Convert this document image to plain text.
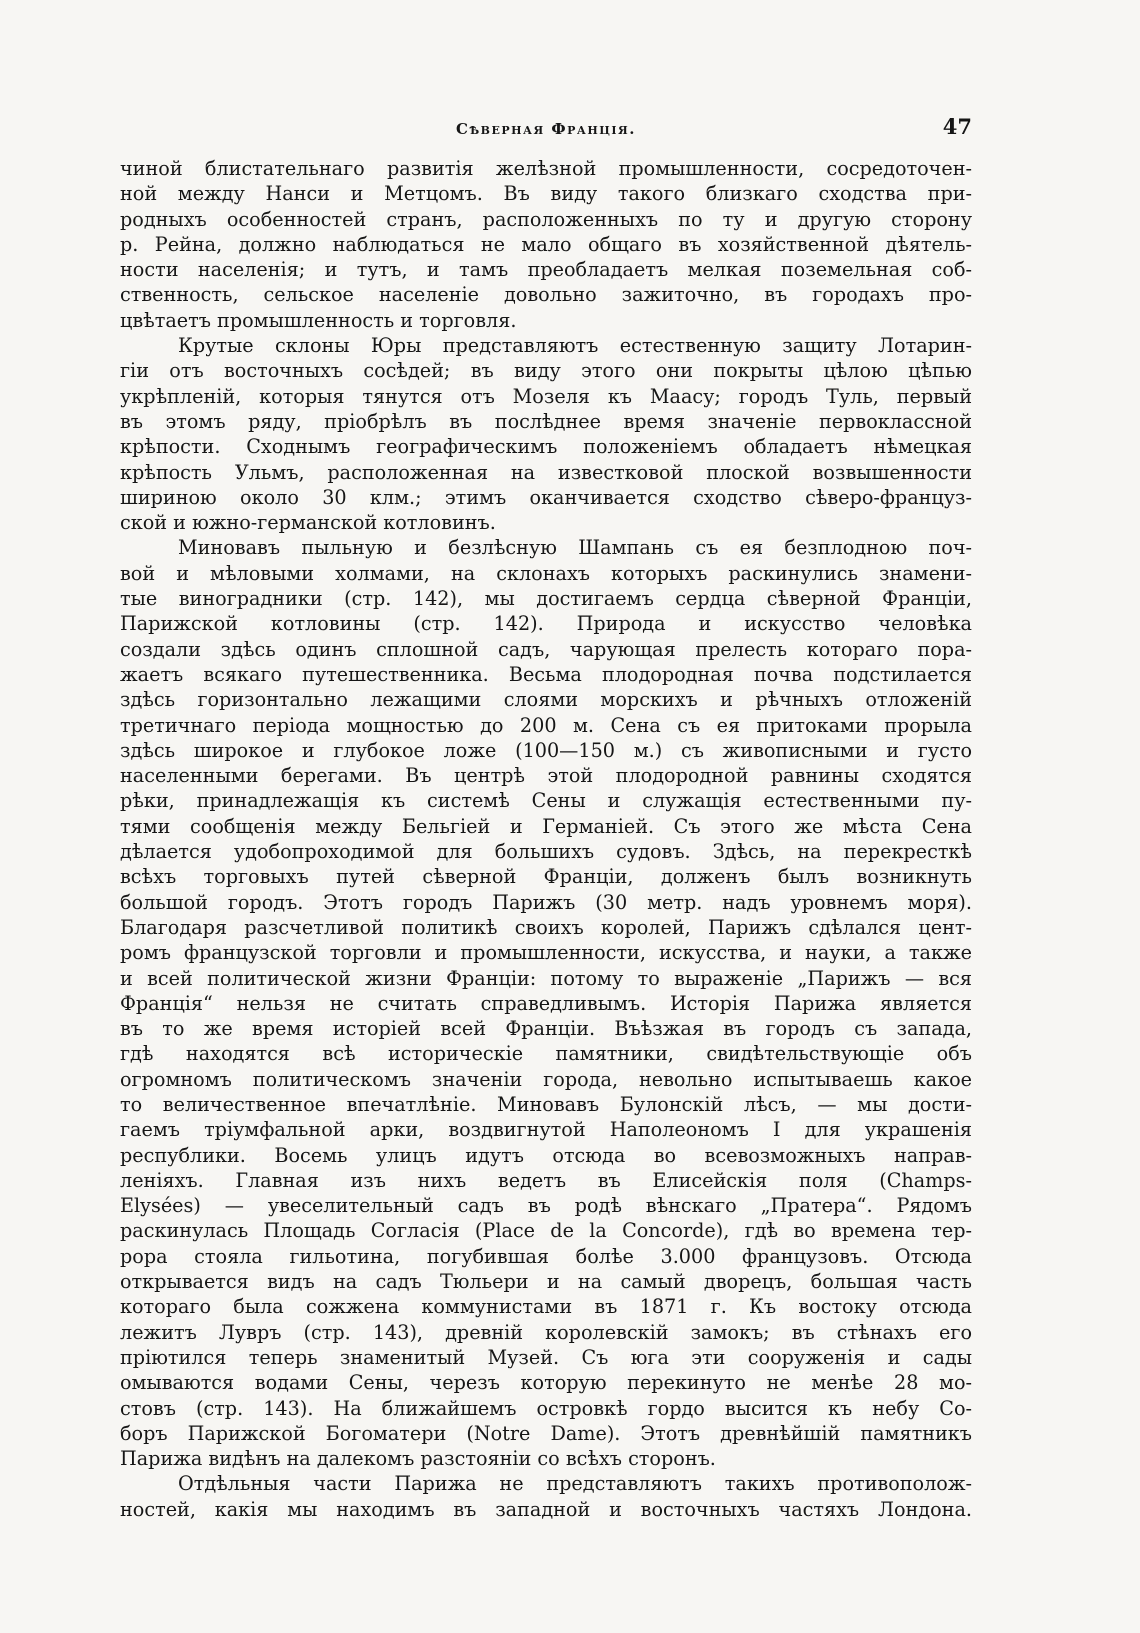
Сѣверная Франція.	47
чиной блистательнаго развитія желѣзной промышленности, сосредоточен-
ной между Нанси и Метцомъ. Въ виду такого близкаго сходства при-
родныхъ особенностей странъ, расположенныхъ по ту и другую сторону
р. Рейна, должно наблюдаться не мало общаго въ хозяйственной дѣятель-
ности населенія; и тутъ, и тамъ преобладаетъ мелкая поземельная соб-
ственность, сельское населеніе довольно зажиточно, въ городахъ про-
цвѣтаетъ промышленность и торговля.
Крутые склоны Юры представляютъ естественную защиту Лотарин-
гіи отъ восточныхъ сосѣдей; въ виду этого они покрыты цѣлою цѣпью
укрѣпленій, которыя тянутся отъ Мозеля къ Маасу; городъ Туль, первый
въ этомъ ряду, пріобрѣлъ въ послѣднее время значеніе первоклассной
крѣпости. Сходнымъ географическимъ положеніемъ обладаетъ нѣмецкая
крѣпость Ульмъ, расположенная на известковой плоской возвышенности
шириною около 30 клм.; этимъ оканчивается сходство сѣверо-француз-
ской и южно-германской котловинъ.
Миновавъ пыльную и безлѣсную Шампань съ ея безплодною поч-
вой и мѣловыми холмами, на склонахъ которыхъ раскинулись знамени-
тые виноградники (стр. 142), мы достигаемъ сердца сѣверной Франціи,
Парижской котловины (стр. 142). Природа и искусство человѣка
создали здѣсь одинъ сплошной садъ, чарующая прелесть котораго пора-
жаетъ всякаго путешественника. Весьма плодородная почва подстилается
здѣсь горизонтально лежащими слоями морскихъ и рѣчныхъ отложеній
третичнаго періода мощностью до 200 м. Сена съ ея притоками прорыла
здѣсь широкое и глубокое ложе (100—150 м.) съ живописными и густо
населенными берегами. Въ центрѣ этой плодородной равнины сходятся
рѣки, принадлежащія къ системѣ Сены и служащія естественными пу-
тями сообщенія между Бельгіей и Германіей. Съ этого же мѣста Сена
дѣлается удобопроходимой для большихъ судовъ. Здѣсь, на перекресткѣ
всѣхъ торговыхъ путей сѣверной Франціи, долженъ былъ возникнуть
большой городъ. Этотъ городъ Парижъ (30 метр. надъ уровнемъ моря).
Благодаря разсчетливой политикѣ своихъ королей, Парижъ сдѣлался цент-
ромъ французской торговли и промышленности, искусства, и науки, а также
и всей политической жизни Франціи: потому то выраженіе „Парижъ — вся
Франція“ нельзя не считать справедливымъ. Исторія Парижа является
въ то же время исторіей всей Франціи. Въѣзжая въ городъ съ запада,
гдѣ находятся всѣ историческіе памятники, свидѣтельствующіе объ
огромномъ политическомъ значеніи города, невольно испытываешь какое
то величественное впечатлѣніе. Миновавъ Булонскій лѣсъ, — мы дости-
гаемъ тріумфальной арки, воздвигнутой Наполеономъ I для украшенія
республики. Восемь улицъ идутъ отсюда во всевозможныхъ направ-
леніяхъ. Главная изъ нихъ ведетъ въ Елисейскія поля (Champs-
Elysées) — увеселительный садъ въ родѣ вѣнскаго „Пратера“. Рядомъ
раскинулась Площадь Согласія (Place de la Concorde), гдѣ во времена тер-
рора стояла гильотина, погубившая болѣе 3.000 французовъ. Отсюда
открывается видъ на садъ Тюльери и на самый дворецъ, большая часть
котораго была сожжена коммунистами въ 1871 г. Къ востоку отсюда
лежитъ Лувръ (стр. 143), древній королевскій замокъ; въ стѣнахъ его
пріютился теперь знаменитый Музей. Съ юга эти сооруженія и сады
омываются водами Сены, черезъ которую перекинуто не менѣе 28 мо-
стовъ (стр. 143). На ближайшемъ островкѣ гордо высится къ небу Со-
боръ Парижской Богоматери (Notre Dame). Этотъ древнѣйшій памятникъ
Парижа видѣнъ на далекомъ разстояніи со всѣхъ сторонъ.
Отдѣльныя части Парижа не представляютъ такихъ противополож-
ностей, какія мы находимъ въ западной и восточныхъ частяхъ Лондона.
